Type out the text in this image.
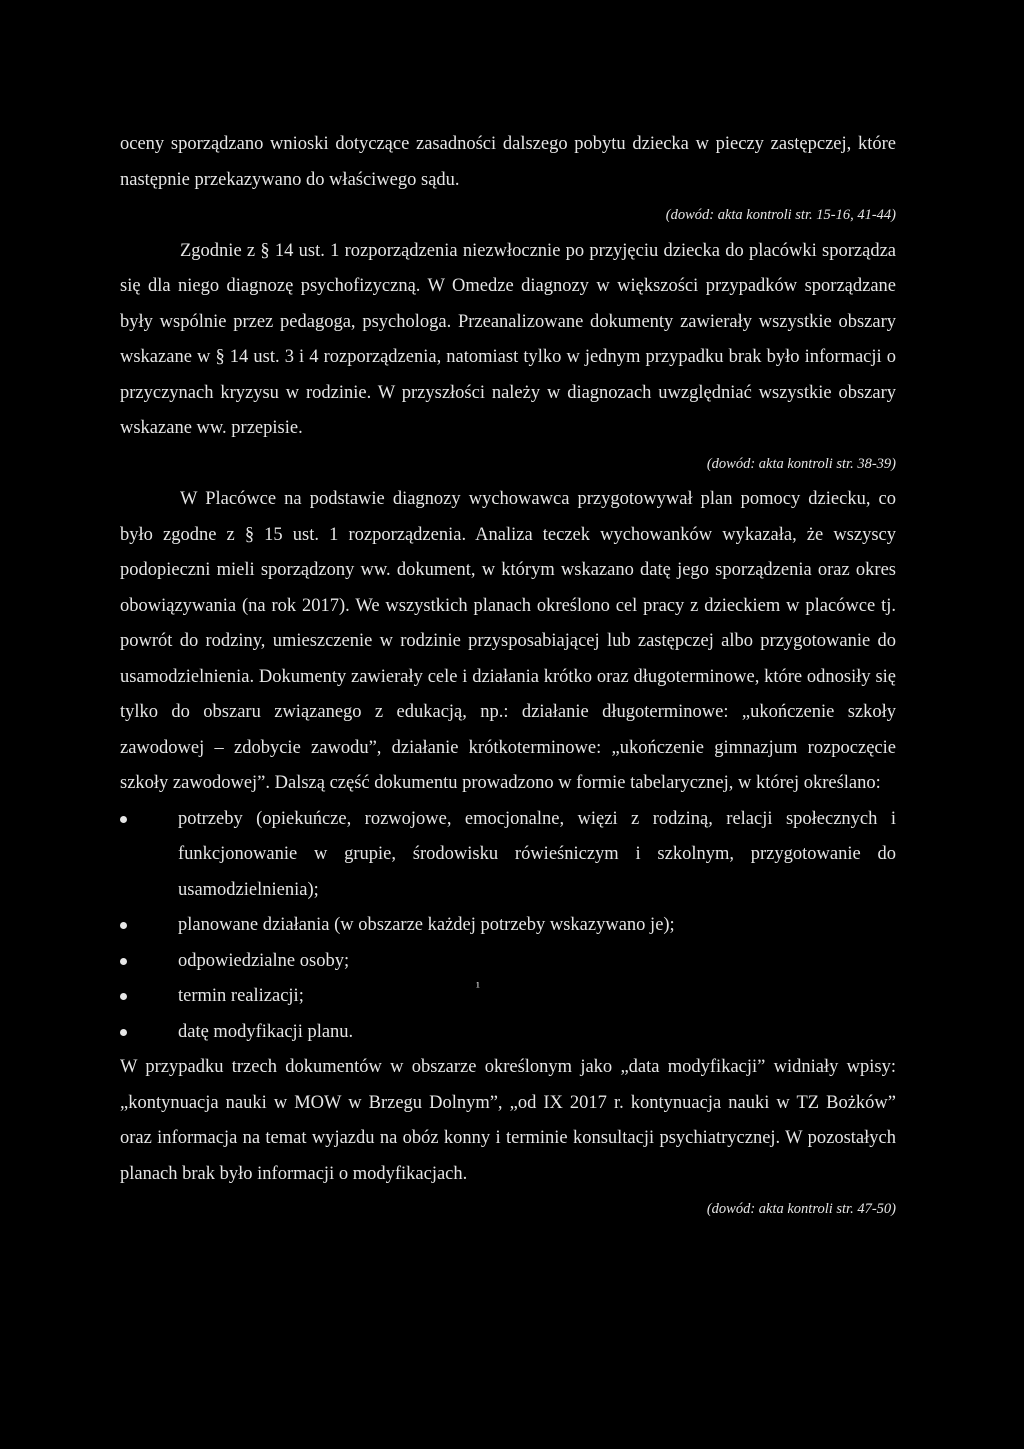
oceny sporządzano wnioski dotyczące zasadności dalszego pobytu dziecka w pieczy zastępczej, które następnie przekazywano do właściwego sądu.

(dowód: akta kontroli str. 15-16, 41-44)

Zgodnie z § 14 ust. 1 rozporządzenia niezwłocznie po przyjęciu dziecka do placówki sporządza się dla niego diagnozę psychofizyczną. W Omedze diagnozy w większości przypadków sporządzane były wspólnie przez pedagoga, psychologa. Przeanalizowane dokumenty zawierały wszystkie obszary wskazane w § 14 ust. 3 i 4 rozporządzenia, natomiast tylko w jednym przypadku brak było informacji o przyczynach kryzysu w rodzinie. W przyszłości należy w diagnozach uwzględniać wszystkie obszary wskazane ww. przepisie.

(dowód: akta kontroli str. 38-39)

W Placówce na podstawie diagnozy wychowawca przygotowywał plan pomocy dziecku, co było zgodne z § 15 ust. 1 rozporządzenia. Analiza teczek wychowanków wykazała, że wszyscy podopieczni mieli sporządzony ww. dokument, w którym wskazano datę jego sporządzenia oraz okres obowiązywania (na rok 2017). We wszystkich planach określono cel pracy z dzieckiem w placówce tj. powrót do rodziny, umieszczenie w rodzinie przysposabiającej lub zastępczej albo przygotowanie do usamodzielnienia. Dokumenty zawierały cele i działania krótko oraz długoterminowe, które odnosiły się tylko do obszaru związanego z edukacją, np.: działanie długoterminowe: „ukończenie szkoły zawodowej – zdobycie zawodu”, działanie krótkoterminowe: „ukończenie gimnazjum rozpoczęcie szkoły zawodowej”. Dalszą część dokumentu prowadzono w formie tabelarycznej, w której określano:

potrzeby (opiekuńcze, rozwojowe, emocjonalne, więzi z rodziną, relacji społecznych i funkcjonowanie w grupie, środowisku rówieśniczym i szkolnym, przygotowanie do usamodzielnienia);
planowane działania (w obszarze każdej potrzeby wskazywano je);
odpowiedzialne osoby;
termin realizacji;
datę modyfikacji planu.

W przypadku trzech dokumentów w obszarze określonym jako „data modyfikacji” widniały wpisy: „kontynuacja nauki w MOW w Brzegu Dolnym”, „od IX 2017 r. kontynuacja nauki w TZ Bożków” oraz informacja na temat wyjazdu na obóz konny i terminie konsultacji psychiatrycznej. W pozostałych planach brak było informacji o modyfikacjach.

(dowód: akta kontroli str. 47-50)

¹
